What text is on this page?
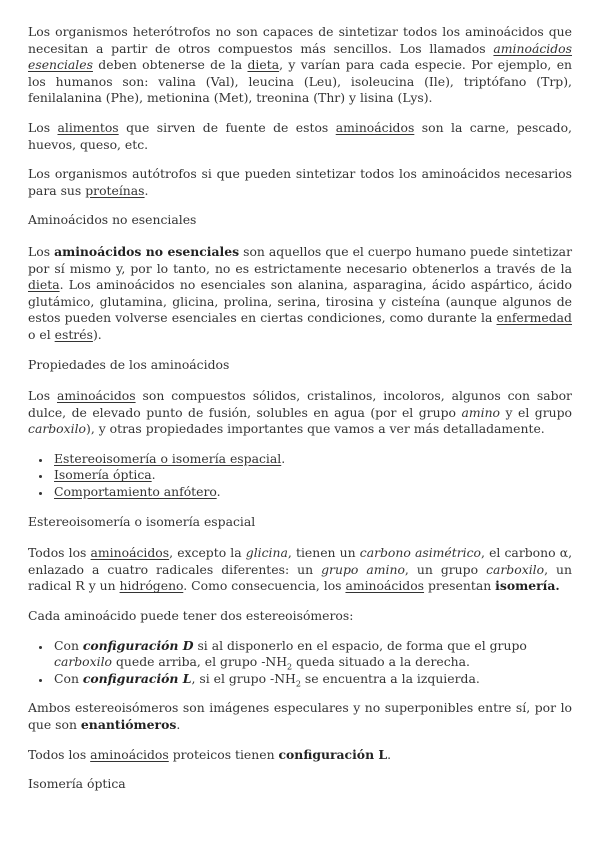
Los organismos heterótrofos no son capaces de sintetizar todos los aminoácidos que necesitan a partir de otros compuestos más sencillos. Los llamados aminoácidos esenciales deben obtenerse de la dieta, y varían para cada especie. Por ejemplo, en los humanos son: valina (Val), leucina (Leu), isoleucina (Ile), triptófano (Trp), fenilalanina (Phe), metionina (Met), treonina (Thr) y lisina (Lys).

Los alimentos que sirven de fuente de estos aminoácidos son la carne, pescado, huevos, queso, etc.

Los organismos autótrofos si que pueden sintetizar todos los aminoácidos necesarios para sus proteínas.

Aminoácidos no esenciales

Los aminoácidos no esenciales son aquellos que el cuerpo humano puede sintetizar por sí mismo y, por lo tanto, no es estrictamente necesario obtenerlos a través de la dieta. Los aminoácidos no esenciales son alanina, asparagina, ácido aspártico, ácido glutámico, glutamina, glicina, prolina, serina, tirosina y cisteína (aunque algunos de estos pueden volverse esenciales en ciertas condiciones, como durante la enfermedad o el estrés).

Propiedades de los aminoácidos

Los aminoácidos son compuestos sólidos, cristalinos, incoloros, algunos con sabor dulce, de elevado punto de fusión, solubles en agua (por el grupo amino y el grupo carboxilo), y otras propiedades importantes que vamos a ver más detalladamente.

• Estereoisomería o isomería espacial.
• Isomería óptica.
• Comportamiento anfótero.
Estereoisomería o isomería espacial

Todos los aminoácidos, excepto la glicina, tienen un carbono asimétrico, el carbono α, enlazado a cuatro radicales diferentes: un grupo amino, un grupo carboxilo, un radical R y un hidrógeno. Como consecuencia, los aminoácidos presentan isomería.

Cada aminoácido puede tener dos estereoisómeros:

• Con configuración D si al disponerlo en el espacio, de forma que el grupo carboxilo quede arriba, el grupo $-NH_2$ queda situado a la derecha.
• Con configuración L, si el grupo $-NH_2$ se encuentra a la izquierda.

Ambos estereoisómeros son imágenes especulares y no superponibles entre sí, por lo que son enantiómeros.

Todos los aminoácidos proteicos tienen configuración L.

Isomería óptica
